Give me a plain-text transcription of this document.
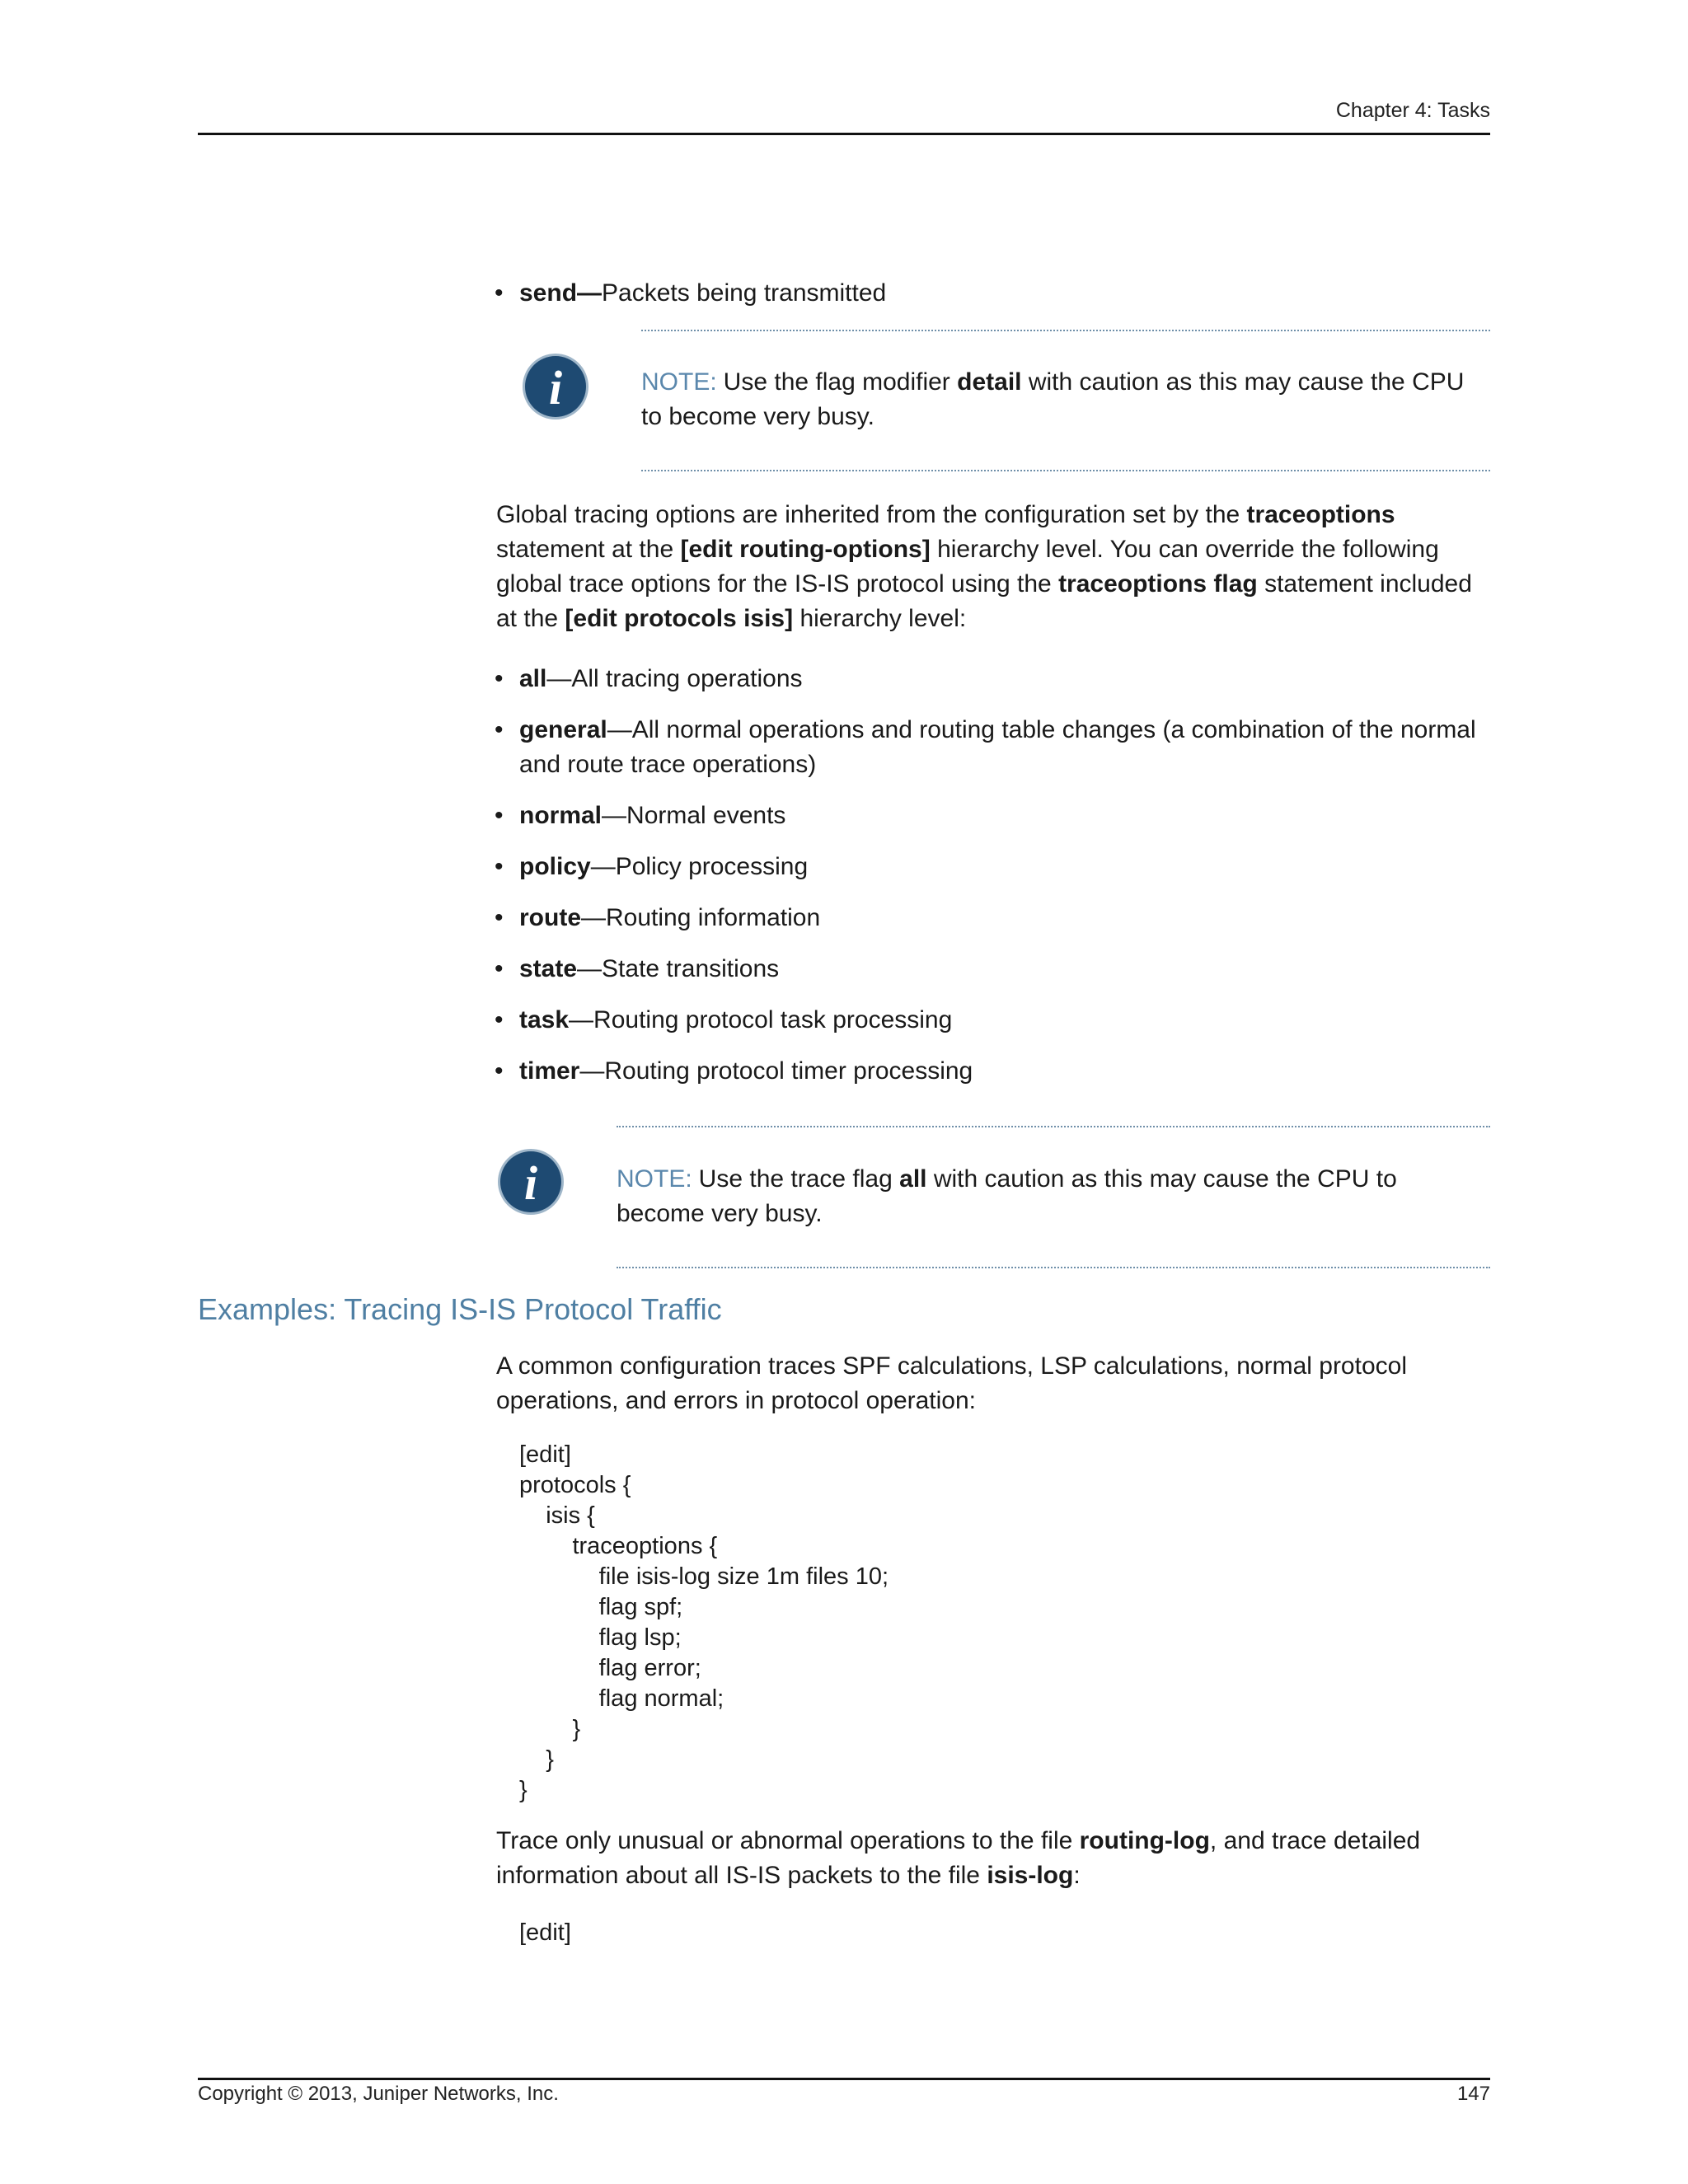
Chapter 4: Tasks
• send—Packets being transmitted
i	NOTE: Use the flag modifier detail with caution as this may cause the CPU to become very busy.
Global tracing options are inherited from the configuration set by the traceoptions statement at the [edit routing-options] hierarchy level. You can override the following global trace options for the IS-IS protocol using the traceoptions flag statement included at the [edit protocols isis] hierarchy level:
• all—All tracing operations
• general—All normal operations and routing table changes (a combination of the normal and route trace operations)
• normal—Normal events
• policy—Policy processing
• route—Routing information
• state—State transitions
• task—Routing protocol task processing
• timer—Routing protocol timer processing
i	NOTE: Use the trace flag all with caution as this may cause the CPU to become very busy.
Examples: Tracing IS-IS Protocol Traffic
A common configuration traces SPF calculations, LSP calculations, normal protocol operations, and errors in protocol operation:
[edit]
protocols {
isis {
traceoptions {
file isis-log size 1m files 10;
flag spf;
flag lsp;
flag error;
flag normal;
}
}
}
Trace only unusual or abnormal operations to the file routing-log, and trace detailed information about all IS-IS packets to the file isis-log:
[edit]
Copyright © 2013, Juniper Networks, Inc.	147
